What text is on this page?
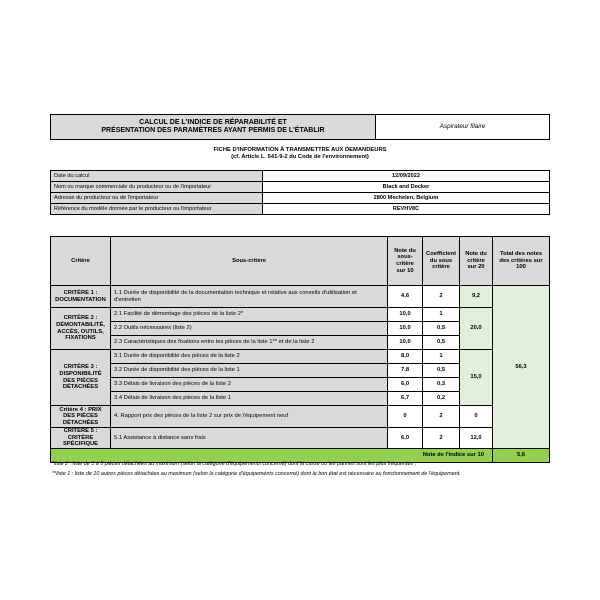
CALCUL DE L'INDICE DE RÉPARABILITÉ ET
PRÉSENTATION DES PARAMÈTRES AYANT PERMIS DE L'ÉTABLIR
	Aspirateur filaire
FICHE D'INFORMATION À TRANSMETTRE AUX DEMANDEURS
(cf. Article L. 541-9-2 du Code de l'environnement)
Date du calcul	12/09/2022
Nom ou marque commerciale du producteur ou de l'importateur	Black and Decker
Adresse du producteur ou de l'importateur	2800 Mechelen, Belgium
Référence du modèle donnée par le producteur ou l'importateur	REVHV8C
Critère	Sous-critère	Note du sous-critère sur 10	Coefficient du sous critère	Note du critère sur 20	Total des notes des critères sur 100
CRITÈRE 1 : DOCUMENTATION	1.1 Durée de disponibilité de la documentation technique et relative aux conseils d'utilisation et d'entretien	4,6	2	9,2	56,3
CRITÈRE 2 : DÉMONTABILITÉ, ACCÈS, OUTILS, FIXATIONS	2.1 Facilité de démontage des pièces de la liste 2*	10,0	1	20,0	
	2.2 Outils nécessaires (liste 2)	10,0	0,5		
	2.3 Caractéristiques des fixations entre les pièces de la liste 1** et de la liste 2	10,0	0,5		
CRITÈRE 3 : DISPONIBILITÉ DES PIÈCES DÉTACHÉES	3.1 Durée de disponibilité des pièces de la liste 2	8,0	1	15,0	
	3.2 Durée de disponibilité des pièces de la liste 1	7,8	0,5		
	3.3 Délais de livraison des pièces de la liste 2	6,0	0,3		
	3.4 Délais de livraison des pièces de la liste 1	6,7	0,2		
Critère 4 : PRIX DES PIÈCES DÉTACHÉES	4. Rapport prix des pièces de la liste 2 sur prix de l'équipement neuf	0	2	0	
CRITÈRE 5 : CRITÈRE SPÉCIFIQUE	5.1 Assistance à distance sans frais	6,0	2	12,0	
Note de l'indice sur 10					5,6
*liste 2 : liste de 3 à 5 pièces détachées au maximum (selon la catégorie d'équipements concerné) dont la casse ou les pannes sont les plus fréquentes ;
**liste 1 : liste de 10 autres pièces détachées au maximum (selon la catégorie d'équipements concerné) dont le bon état est nécessaire au fonctionnement de l'équipement.
